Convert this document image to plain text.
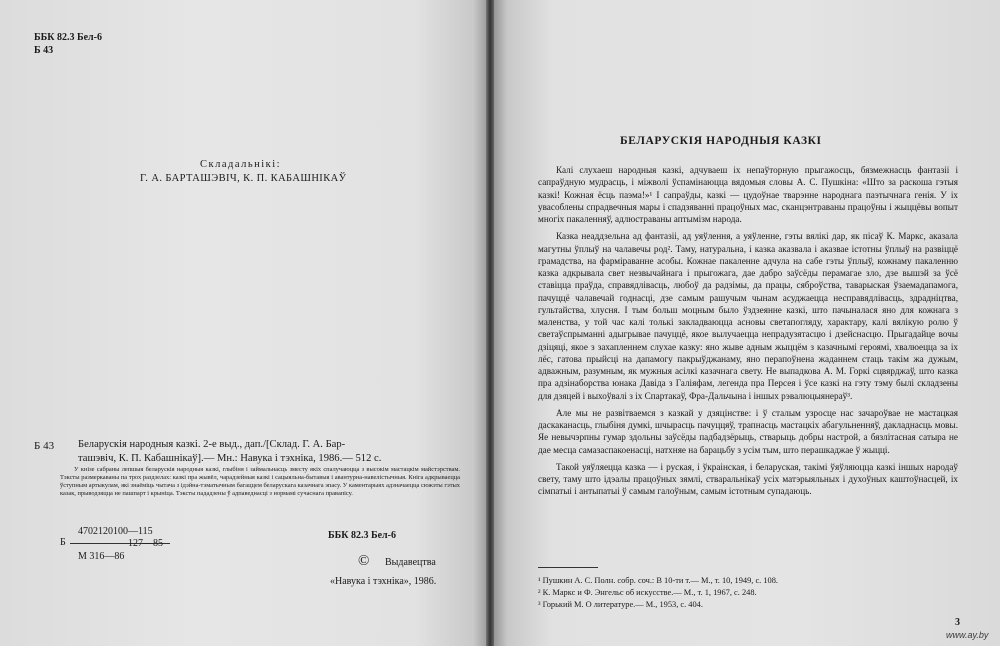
ББК 82.3 Бел-6
Б 43
Складальнікі:
Г. А. БАРТАШЭВІЧ, К. П. КАБАШНІКАЎ
Б 43 Беларускія народныя казкі. 2-е выд., дап./[Склад. Г. А. Бар-
ташэвіч, К. П. Кабашнікаў].— Мн.: Навука і тэхніка, 1986.— 512 с.
У кнізе сабраны лепшыя беларускія народныя казкі, глыбіня і займальнасць зместу якіх спалучаюцца з высокім мастацкім майстэрствам. Тэксты размеркаваны па трох раздзелах: казкі пра жывёл, чарадзейныя казкі і сацыяльна-бытавыя і авантурна-навелістычныя. Кніга адкрываецца ўступным артыкулам, які знаёміць чытача з ідэйна-тэматычным багаццем беларускага казачнага эпасу. У каментарыях адзначаецца сюжэты гэтых казак, прыводзяцца не пашпарт і крыніца. Тэксты пададзены ў адпаведнасці з нормамі сучаснага правапісу.
4702120100—115
Б	127—85
М 316—86
ББК 82.3 Бел-6
© Выдавецтва
«Навука і тэхніка», 1986.
БЕЛАРУСКІЯ НАРОДНЫЯ КАЗКІ

Калі слухаеш народныя казкі, адчуваеш іх непаўторную прыгажосць, бязмежнасць фантазіі і сапраўдную мудрасць, і міжволі ўспамінаюцца вядомыя словы А. С. Пушкіна: «Што за раскоша гэтыя казкі! Кожная ёсць паэма!»¹ І сапраўды, казкі — цудоўнае тварэнне народнага паэтычнага генія. У іх увасоблены спрадвечныя мары і спадзяванні працоўных мас, сканцэнтраваны працоўны і жыццёвы вопыт многіх пакаленняў, адлюстраваны аптымізм народа.

Казка неаддзельна ад фантазіі, ад уяўлення, а уяўленне, гэты вялікі дар, як пісаў К. Маркс, аказала магутны ўплыў на чалавечы род². Таму, натуральна, і казка аказвала і аказвае істотны ўплыў на развіццё грамадства, на фарміраванне асобы. Кожнае пакаленне адчула на сабе гэты ўплыў, кожнаму пакаленню казка адкрывала свет незвычайнага і прыгожага, дае дабро заўсёды перамагае зло, дзе вышэй за ўсё ставіцца праўда, справядлівасць, любоў да радзімы, да працы, сяброўства, таварыская ўзаемадапамога, пачуццё чалавечай годнасці, дзе самым рашучым чынам асуджаецца несправядлівасць, здрадніцтва, гультайства, хлусня. І тым больш моцным было ўздзеянне казкі, што пачыналася яно для кожнага з маленства, у той час калі толькі закладваюцца асновы светапогляду, характару, калі вялікую ролю ў светаўспрыманні адыгрывае пачуццё, якое вылучаецца непрадузятасцю і дзейснасцю. Прыгадайце вочы дзіцяці, якое з захапленнем слухае казку: яно жыве адным жыццём з казачнымі героямі, хвалюецца за іх лёс, гатова прыйсці на дапамогу пакрыўджанаму, яно перапоўнена жаданнем стаць такім жа дужым, адважным, разумным, як мужныя асілкі казачнага свету. Не выпадкова А. М. Горкі сцвярджаў, што казка пра адзінаборства юнака Давіда з Галіяфам, легенда пра Персея і ўсе казкі на гэту тэму былі складзены для дзяцей і выхоўвалі з іх Спартакаў, Фра-Дальчына і іншых рэвалюцыянераў³.

Але мы не развітваемся з казкай у дзяцінстве: і ў сталым узросце нас зачароўвае не мастацкая даскаканасць, глыбіня думкі, шчырасць пачуццяў, трапнасць мастацкіх абагульненняў, дакладнасць мовы. Яе невычэрпны гумар здольны заўсёды падбадзёрыць, стварыць добры настрой, а бязлітасная сатыра не дае месца самазаспакоенасці, натхняе на барацьбу з усім тым, што перашкаджае ў жыцці.

Такой уяўляецца казка — і руская, і ўкраінская, і беларуская, такімі ўяўляюцца казкі іншых народаў свету, таму што ідэалы працоўных зямлі, стваральнікаў усіх матэрыяльных і духоўных каштоўнасцей, іх сімпатыі і антыпатыі ў самым галоўным, самым істотным супадаюць.

¹ Пушкин А. С. Полн. собр. соч.: В 10-ти т.— М., т. 10, 1949, с. 108.
² К. Маркс и Ф. Энгельс об искусстве.— М., т. 1, 1967, с. 248.
³ Горький М. О литературе.— М., 1953, с. 404.
3
www.ay.by
